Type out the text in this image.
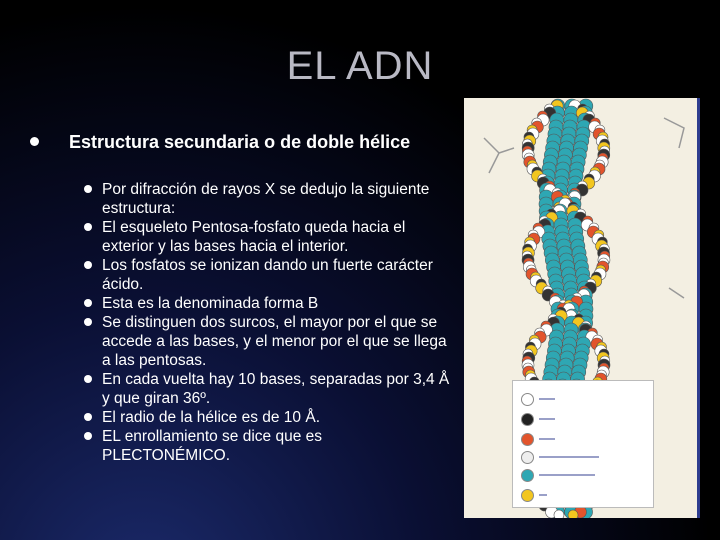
EL ADN
Estructura secundaria o de doble hélice
Por difracción de rayos X se dedujo la siguiente estructura:
El esqueleto Pentosa-fosfato queda hacia el exterior y las bases hacia el interior.
Los fosfatos se ionizan dando un fuerte carácter ácido.
Esta es la denominada forma B
Se distinguen dos surcos, el mayor por el que se accede a las bases, y el menor por el que se llega a las pentosas.
En cada vuelta hay 10 bases, separadas por 3,4 Å y que giran 36º.
El radio de la hélice es de 10 Å.
EL enrollamiento se dice que es PLECTONÉMICO.
